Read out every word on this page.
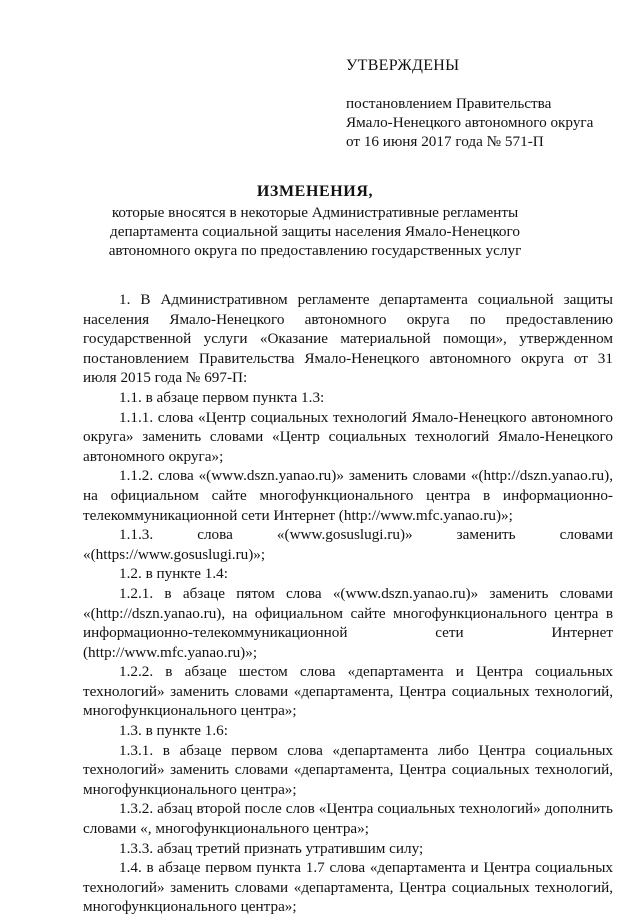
УТВЕРЖДЕНЫ
постановлением Правительства
Ямало-Ненецкого автономного округа
от 16 июня 2017 года № 571-П
ИЗМЕНЕНИЯ,
которые вносятся в некоторые Административные регламенты
департамента социальной защиты населения Ямало-Ненецкого
автономного округа по предоставлению государственных услуг
1. В Административном регламенте департамента социальной защиты населения Ямало-Ненецкого автономного округа по предоставлению государственной услуги «Оказание материальной помощи», утвержденном постановлением Правительства Ямало-Ненецкого автономного округа от 31 июля 2015 года № 697-П:
1.1. в абзаце первом пункта 1.3:
1.1.1. слова «Центр социальных технологий Ямало-Ненецкого автономного округа» заменить словами «Центр социальных технологий Ямало-Ненецкого автономного округа»;
1.1.2. слова «(www.dszn.yanao.ru)» заменить словами «(http://dszn.yanao.ru), на официальном сайте многофункционального центра в информационно-телекоммуникационной сети Интернет (http://www.mfc.yanao.ru)»;
1.1.3. слова «(www.gosuslugi.ru)» заменить словами «(https://www.gosuslugi.ru)»;
1.2. в пункте 1.4:
1.2.1. в абзаце пятом слова «(www.dszn.yanao.ru)» заменить словами «(http://dszn.yanao.ru), на официальном сайте многофункционального центра в информационно-телекоммуникационной сети Интернет (http://www.mfc.yanao.ru)»;
1.2.2. в абзаце шестом слова «департамента и Центра социальных технологий» заменить словами «департамента, Центра социальных технологий, многофункционального центра»;
1.3. в пункте 1.6:
1.3.1. в абзаце первом слова «департамента либо Центра социальных технологий» заменить словами «департамента, Центра социальных технологий, многофункционального центра»;
1.3.2. абзац второй после слов «Центра социальных технологий» дополнить словами «, многофункционального центра»;
1.3.3. абзац третий признать утратившим силу;
1.4. в абзаце первом пункта 1.7 слова «департамента и Центра социальных технологий» заменить словами «департамента, Центра социальных технологий, многофункционального центра»;
